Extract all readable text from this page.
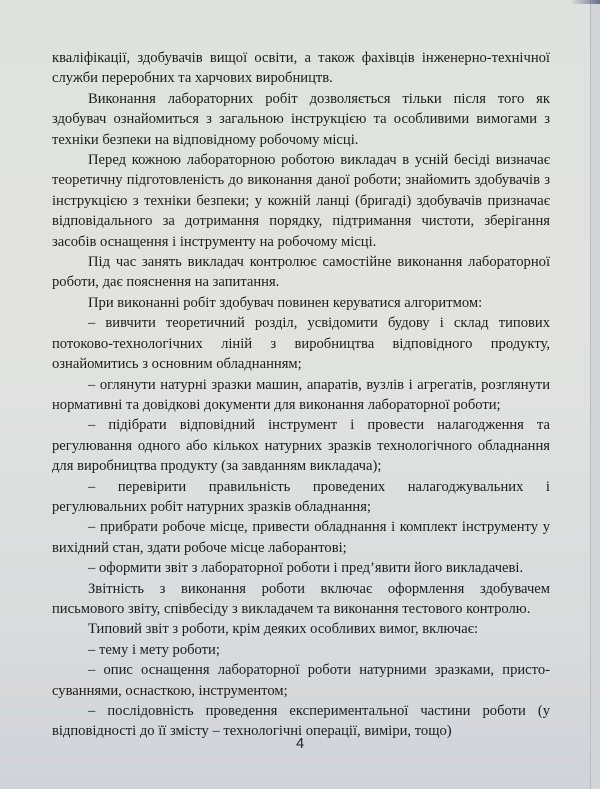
кваліфікації, здобувачів вищої освіти, а також фахівців інженерно-технічної служби переробних та харчових виробництв.

Виконання лабораторних робіт дозволяється тільки після того як здобувач ознайомиться з загальною інструкцією та особливими вимогами з техніки безпеки на відповідному робочому місці.

Перед кожною лабораторною роботою викладач в усній бесіді визначає теоретичну підготовленість до виконання даної роботи; знайомить здобувачів з інструкцією з техніки безпеки; у кожній ланці (бригаді) здобувачів призначає відповідального за дотримання порядку, підтримання чистоти, зберігання засобів оснащення і інструменту на робочому місці.

Під час занять викладач контролює самостійне виконання лабораторної роботи, дає пояснення на запитання.

При виконанні робіт здобувач повинен керуватися алгоритмом:

– вивчити теоретичний розділ, усвідомити будову і склад типових потоково-технологічних ліній з виробництва відповідного продукту, ознайомитись з основним обладнанням;

– оглянути натурні зразки машин, апаратів, вузлів і агрегатів, розглянути нормативні та довідкові документи для виконання лабораторної роботи;

– підібрати відповідний інструмент і провести налагодження та регулювання одного або кількох натурних зразків технологічного обладнання для виробництва продукту (за завданням викладача);

– перевірити правильність проведених налагоджувальних і регулювальних робіт натурних зразків обладнання;

– прибрати робоче місце, привести обладнання і комплект інструменту у вихідний стан, здати робоче місце лаборантові;

– оформити звіт з лабораторної роботи і пред’явити його викладачеві.

Звітність з виконання роботи включає оформлення здобувачем письмового звіту, співбесіду з викладачем та виконання тестового контролю.

Типовий звіт з роботи, крім деяких особливих вимог, включає:

– тему і мету роботи;

– опис оснащення лабораторної роботи натурними зразками, присто-суваннями, оснасткою, інструментом;

– послідовність проведення експериментальної частини роботи (у відповідності до її змісту – технологічні операції, виміри, тощо)

4
